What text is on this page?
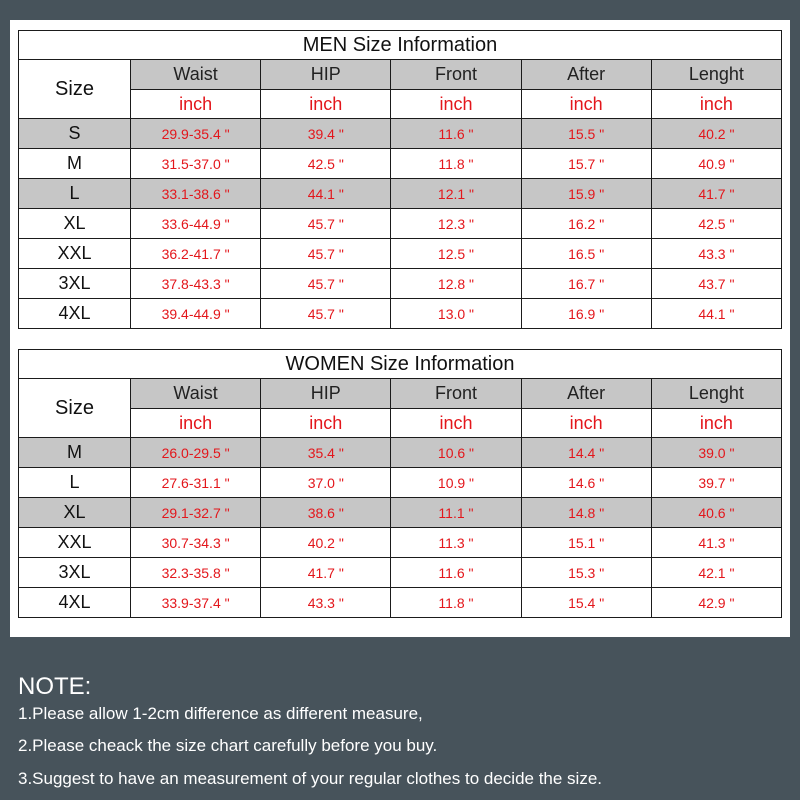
MEN Size Information					
Size	Waist	HIP	Front	After	Lenght
	inch	inch	inch	inch	inch
S	29.9-35.4 "	39.4 "	11.6 "	15.5 "	40.2 "
M	31.5-37.0 "	42.5 "	11.8 "	15.7 "	40.9 "
L	33.1-38.6 "	44.1 "	12.1 "	15.9 "	41.7 "
XL	33.6-44.9 "	45.7 "	12.3 "	16.2 "	42.5 "
XXL	36.2-41.7 "	45.7 "	12.5 "	16.5 "	43.3 "
3XL	37.8-43.3 "	45.7 "	12.8 "	16.7 "	43.7 "
4XL	39.4-44.9 "	45.7 "	13.0 "	16.9 "	44.1 "
WOMEN Size Information					
Size	Waist	HIP	Front	After	Lenght
	inch	inch	inch	inch	inch
M	26.0-29.5 "	35.4 "	10.6 "	14.4 "	39.0 "
L	27.6-31.1 "	37.0 "	10.9 "	14.6 "	39.7 "
XL	29.1-32.7 "	38.6 "	11.1 "	14.8 "	40.6 "
XXL	30.7-34.3 "	40.2 "	11.3 "	15.1 "	41.3 "
3XL	32.3-35.8 "	41.7 "	11.6 "	15.3 "	42.1 "
4XL	33.9-37.4 "	43.3 "	11.8 "	15.4 "	42.9 "
NOTE:

1.Please allow 1-2cm difference as different measure,

2.Please cheack the size chart carefully before you buy.

3.Suggest to have an measurement of your regular clothes to decide the size.
